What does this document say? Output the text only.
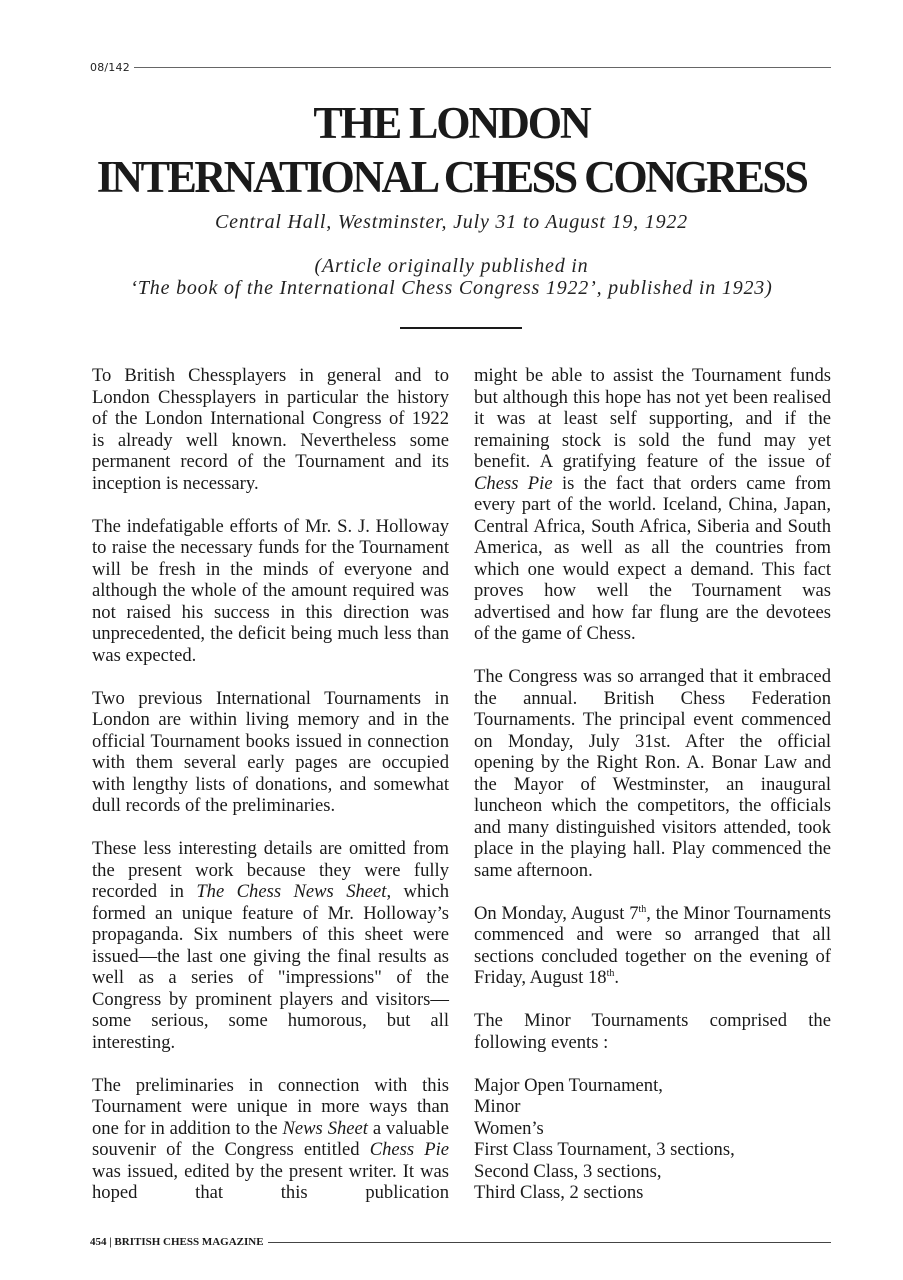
08/142
THE LONDON
INTERNATIONAL CHESS CONGRESS
Central Hall, Westminster, July 31 to August 19, 1922
(Article originally published in
‘The book of the International Chess Congress 1922’, published in 1923)

To British Chessplayers in general and to London Chessplayers in particular the history of the London International Congress of 1922 is already well known. Nevertheless some permanent record of the Tournament and its inception is necessary.

The indefatigable efforts of Mr. S. J. Holloway to raise the necessary funds for the Tournament will be fresh in the minds of everyone and although the whole of the amount required was not raised his success in this direction was unprecedented, the deficit being much less than was expected.

Two previous International Tournaments in London are within living memory and in the official Tournament books issued in connection with them several early pages are occupied with lengthy lists of donations, and somewhat dull records of the preliminaries.

These less interesting details are omitted from the present work because they were fully recorded in The Chess News Sheet, which formed an unique feature of Mr. Holloway’s propaganda. Six numbers of this sheet were issued—the last one giving the final results as well as a series of "impressions" of the Congress by prominent players and visitors—some serious, some humorous, but all interesting.

The preliminaries in connection with this Tournament were unique in more ways than one for in addition to the News Sheet a valuable souvenir of the Congress entitled Chess Pie was issued, edited by the present writer. It was hoped that this publication

might be able to assist the Tournament funds but although this hope has not yet been realised it was at least self supporting, and if the remaining stock is sold the fund may yet benefit. A gratifying feature of the issue of Chess Pie is the fact that orders came from every part of the world. Iceland, China, Japan, Central Africa, South Africa, Siberia and South America, as well as all the countries from which one would expect a demand. This fact proves how well the Tournament was advertised and how far flung are the devotees of the game of Chess.

The Congress was so arranged that it embraced the annual. British Chess Federation Tournaments. The principal event commenced on Monday, July 31st. After the official opening by the Right Ron. A. Bonar Law and the Mayor of Westminster, an inaugural luncheon which the competitors, the officials and many distinguished visitors attended, took place in the playing hall. Play commenced the same afternoon.

On Monday, August 7th, the Minor Tournaments commenced and were so arranged that all sections concluded together on the evening of Friday, August 18th.

The Minor Tournaments comprised the following events :

Major Open Tournament,
Minor
Women’s
First Class Tournament, 3 sections,
Second Class, 3 sections,
Third Class, 2 sections
454 | BRITISH CHESS MAGAZINE
